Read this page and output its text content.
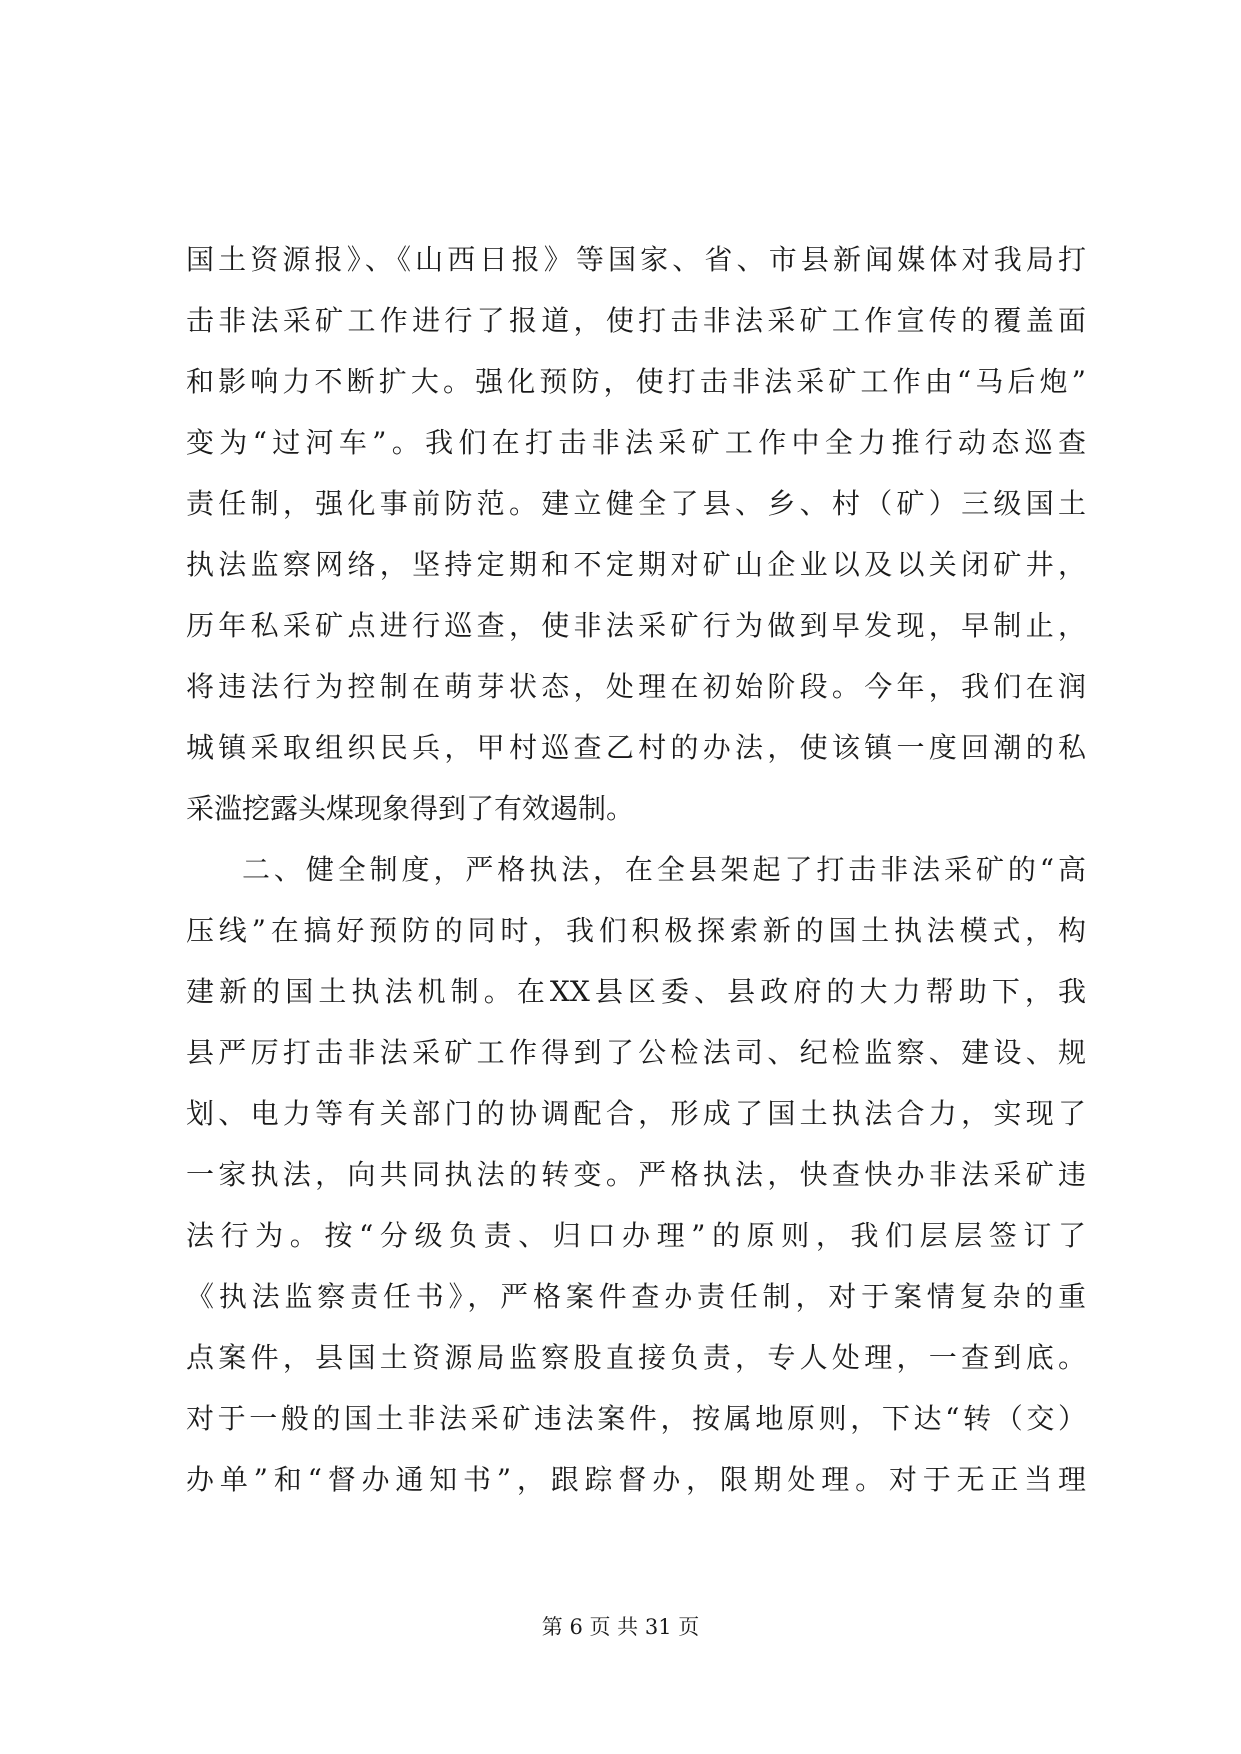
国土资源报》、《山西日报》等国家、省、市县新闻媒体对我局打
击非法采矿工作进行了报道，使打击非法采矿工作宣传的覆盖面
和影响力不断扩大。强化预防，使打击非法采矿工作由“马后炮”
变为“过河车”。我们在打击非法采矿工作中全力推行动态巡查
责任制，强化事前防范。建立健全了县、乡、村（矿）三级国土
执法监察网络，坚持定期和不定期对矿山企业以及以关闭矿井，
历年私采矿点进行巡查，使非法采矿行为做到早发现，早制止，
将违法行为控制在萌芽状态，处理在初始阶段。今年，我们在润
城镇采取组织民兵，甲村巡查乙村的办法，使该镇一度回潮的私
采滥挖露头煤现象得到了有效遏制。
二、健全制度，严格执法，在全县架起了打击非法采矿的“高
压线”在搞好预防的同时，我们积极探索新的国土执法模式，构
建新的国土执法机制。在XX县区委、县政府的大力帮助下，我
县严厉打击非法采矿工作得到了公检法司、纪检监察、建设、规
划、电力等有关部门的协调配合，形成了国土执法合力，实现了
一家执法，向共同执法的转变。严格执法，快查快办非法采矿违
法行为。按“分级负责、归口办理”的原则，我们层层签订了
《执法监察责任书》，严格案件查办责任制，对于案情复杂的重
点案件，县国土资源局监察股直接负责，专人处理，一查到底。
对于一般的国土非法采矿违法案件，按属地原则，下达“转（交）
办单”和“督办通知书”，跟踪督办，限期处理。对于无正当理
第 6 页 共 31 页
